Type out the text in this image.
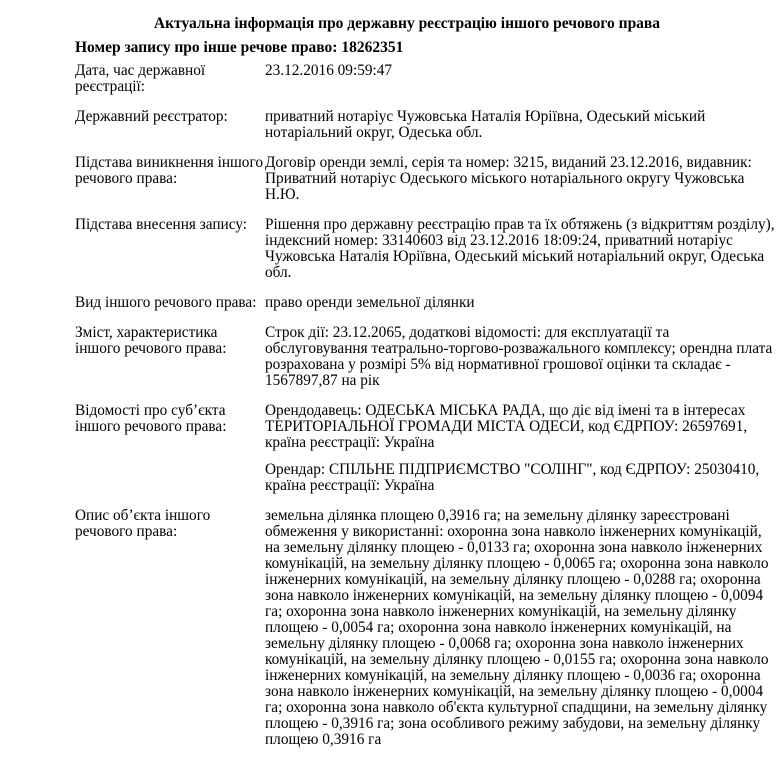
Актуальна інформація про державну реєстрацію іншого речового права
Номер запису про інше речове право: 18262351
Дата, час державної реєстрації:

23.12.2016 09:59:47

Державний реєстратор:	приватний нотаріус Чужовська Наталія Юріївна, Одеський міський нотаріальний округ, Одеська обл.

Підстава виникнення іншого речового права:

Договір оренди землі, серія та номер: 3215, виданий 23.12.2016, видавник: Приватний нотаріус Одеського міського нотаріального округу Чужовська Н.Ю.

Підстава внесення запису:	Рішення про державну реєстрацію прав та їх обтяжень (з відкриттям розділу), індексний номер: 33140603 від 23.12.2016 18:09:24, приватний нотаріус Чужовська Наталія Юріївна, Одеський міський нотаріальний округ, Одеська обл.

Вид іншого речового права: право оренди земельної ділянки

Зміст, характеристика іншого речового права:

Строк дії: 23.12.2065, додаткові відомості: для експлуатації та обслуговування театрально-торгово-розважального комплексу; орендна плата розрахована у розмірі 5% від нормативної грошової оцінки та складає - 1567897,87 на рік

Відомості про суб’єкта іншого речового права:

Орендодавець: ОДЕСЬКА МІСЬКА РАДА, що діє від імені та в інтересах ТЕРИТОРІАЛЬНОЇ ГРОМАДИ МІСТА ОДЕСИ, код ЄДРПОУ: 26597691, країна реєстрації: Україна

Орендар: СПІЛЬНЕ ПІДПРИЄМСТВО "СОЛІНГ", код ЄДРПОУ: 25030410, країна реєстрації: Україна

Опис об’єкта іншого речового права:

земельна ділянка площею 0,3916 га; на земельну ділянку зареєстровані обмеження у використанні: охоронна зона навколо інженерних комунікацій, на земельну ділянку площею - 0,0133 га; охоронна зона навколо інженерних комунікацій, на земельну ділянку площею - 0,0065 га; охоронна зона навколо інженерних комунікацій, на земельну ділянку площею - 0,0288 га; охоронна зона навколо інженерних комунікацій, на земельну ділянку площею - 0,0094 га; охоронна зона навколо інженерних комунікацій, на земельну ділянку площею - 0,0054 га; охоронна зона навколо інженерних комунікацій, на земельну ділянку площею - 0,0068 га; охоронна зона навколо інженерних комунікацій, на земельну ділянку площею - 0,0155 га; охоронна зона навколо інженерних комунікацій, на земельну ділянку площею - 0,0036 га; охоронна зона навколо інженерних комунікацій, на земельну ділянку площею - 0,0004 га; охоронна зона навколо об'єкта культурної спадщини, на земельну ділянку площею - 0,3916 га; зона особливого режиму забудови, на земельну ділянку площею 0,3916 га
